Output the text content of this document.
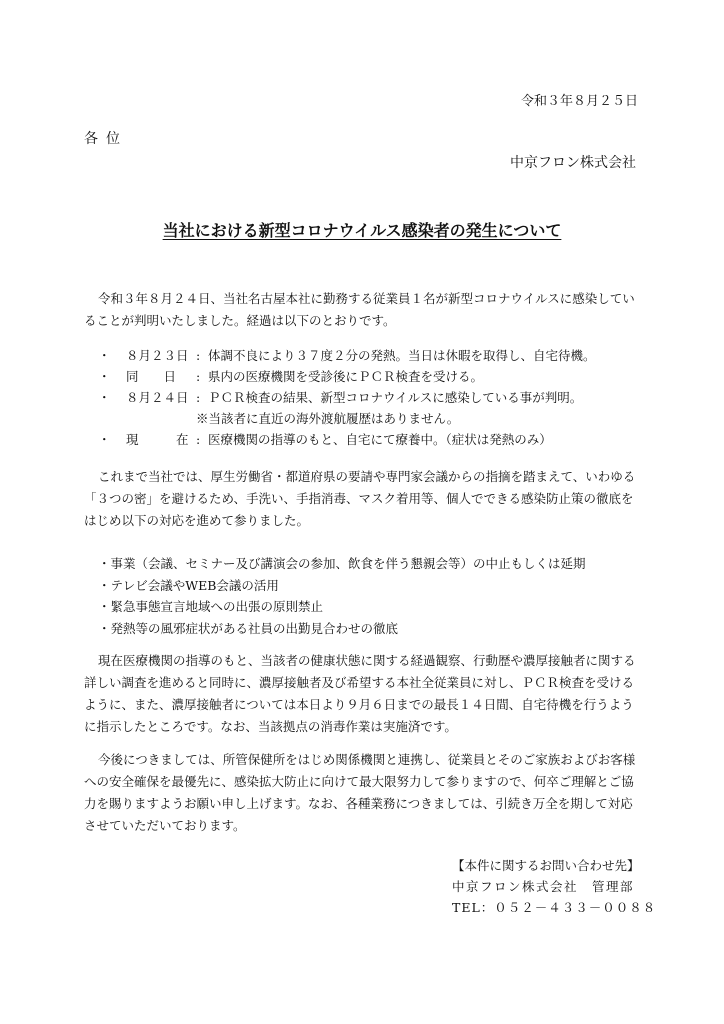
令和３年８月２５日
各位
中京フロン株式会社
当社における新型コロナウイルス感染者の発生について

令和３年８月２４日、当社名古屋本社に勤務する従業員１名が新型コロナウイルスに感染していることが判明いたしました。経過は以下のとおりです。

・	８月２３日 : 体調不良により３７度２分の発熱。当日は休暇を取得し、自宅待機。
・	同　　日	: 県内の医療機関を受診後にＰＣＲ検査を受ける。
・	８月２４日 : ＰＣＲ検査の結果、新型コロナウイルスに感染している事が判明。
※当該者に直近の海外渡航履歴はありません。
・	現　　　在 : 医療機関の指導のもと、自宅にて療養中。（症状は発熱のみ）

これまで当社では、厚生労働省・都道府県の要請や専門家会議からの指摘を踏まえて、いわゆる「３つの密」を避けるため、手洗い、手指消毒、マスク着用等、個人でできる感染防止策の徹底をはじめ以下の対応を進めて参りました。

・事業（会議、セミナー及び講演会の参加、飲食を伴う懇親会等）の中止もしくは延期
・テレビ会議やWEB会議の活用
・緊急事態宣言地域への出張の原則禁止
・発熱等の風邪症状がある社員の出勤見合わせの徹底

現在医療機関の指導のもと、当該者の健康状態に関する経過観察、行動歴や濃厚接触者に関する詳しい調査を進めると同時に、濃厚接触者及び希望する本社全従業員に対し、ＰＣＲ検査を受けるように、また、濃厚接触者については本日より９月６日までの最長１４日間、自宅待機を行うように指示したところです。なお、当該拠点の消毒作業は実施済です。

今後につきましては、所管保健所をはじめ関係機関と連携し、従業員とそのご家族およびお客様への安全確保を最優先に、感染拡大防止に向けて最大限努力して参りますので、何卒ご理解とご協力を賜りますようお願い申し上げます。なお、各種業務につきましては、引続き万全を期して対応させていただいております。

【本件に関するお問い合わせ先】
中京フロン株式会社　管理部
TEL：０５２－４３３－００８８
